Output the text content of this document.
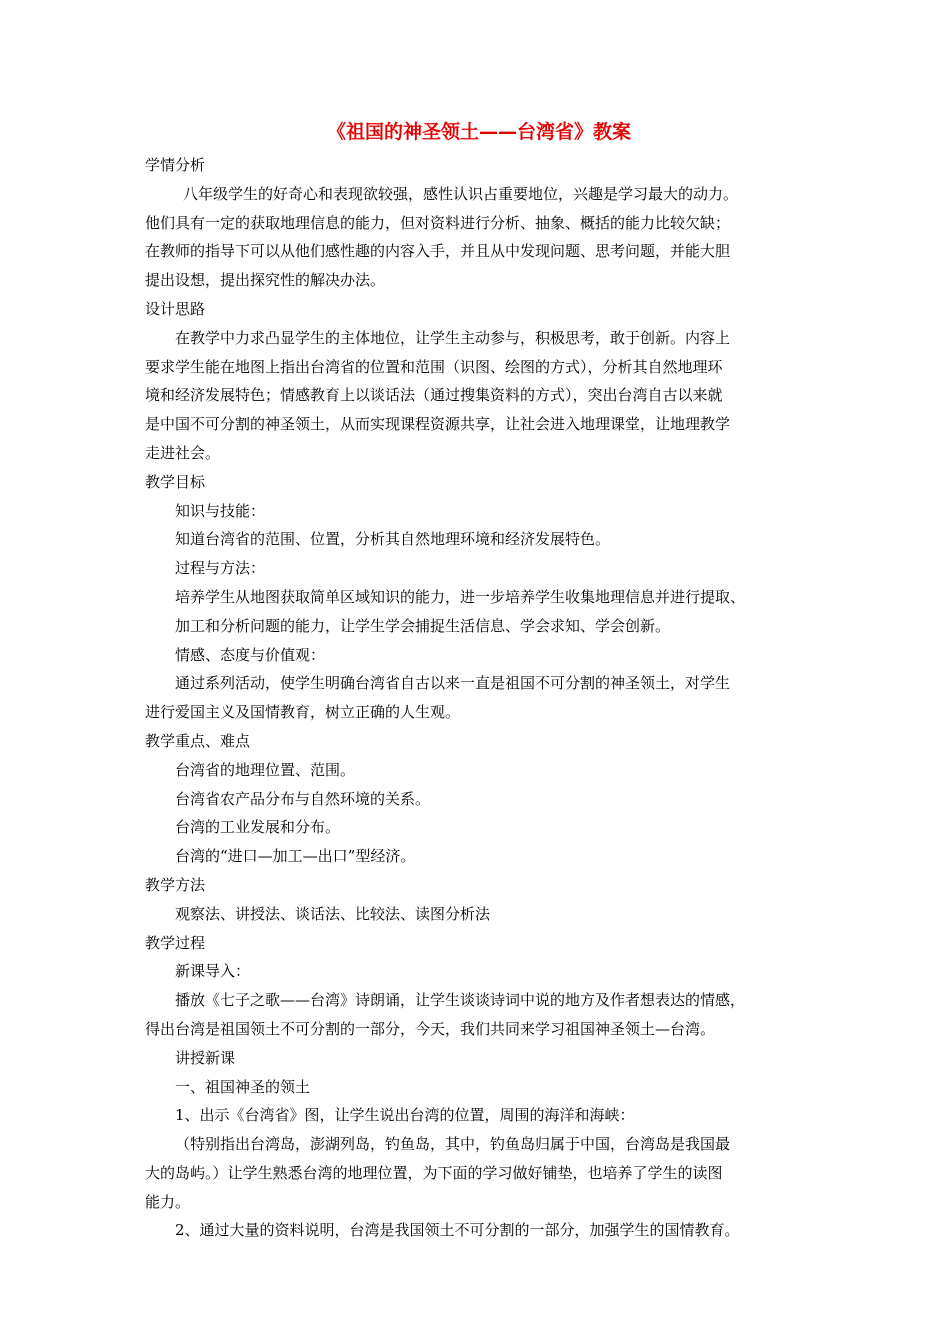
《祖国的神圣领土——台湾省》教案
学情分析
八年级学生的好奇心和表现欲较强，感性认识占重要地位，兴趣是学习最大的动力。
他们具有一定的获取地理信息的能力，但对资料进行分析、抽象、概括的能力比较欠缺；
在教师的指导下可以从他们感性趣的内容入手，并且从中发现问题、思考问题，并能大胆
提出设想，提出探究性的解决办法。
设计思路
在教学中力求凸显学生的主体地位，让学生主动参与，积极思考，敢于创新。内容上
要求学生能在地图上指出台湾省的位置和范围（识图、绘图的方式），分析其自然地理环
境和经济发展特色；情感教育上以谈话法（通过搜集资料的方式），突出台湾自古以来就
是中国不可分割的神圣领土，从而实现课程资源共享，让社会进入地理课堂，让地理教学
走进社会。
教学目标
知识与技能：
知道台湾省的范围、位置，分析其自然地理环境和经济发展特色。
过程与方法：
培养学生从地图获取简单区域知识的能力，进一步培养学生收集地理信息并进行提取、
加工和分析问题的能力，让学生学会捕捉生活信息、学会求知、学会创新。
情感、态度与价值观：
通过系列活动，使学生明确台湾省自古以来一直是祖国不可分割的神圣领土，对学生
进行爱国主义及国情教育，树立正确的人生观。
教学重点、难点
台湾省的地理位置、范围。
台湾省农产品分布与自然环境的关系。
台湾的工业发展和分布。
台湾的“进口—加工—出口”型经济。
教学方法
观察法、讲授法、谈话法、比较法、读图分析法
教学过程
新课导入：
播放《七子之歌——台湾》诗朗诵，让学生谈谈诗词中说的地方及作者想表达的情感，
得出台湾是祖国领土不可分割的一部分，今天，我们共同来学习祖国神圣领土—台湾。
讲授新课
一、祖国神圣的领土
1、出示《台湾省》图，让学生说出台湾的位置，周围的海洋和海峡：
（特别指出台湾岛，澎湖列岛，钓鱼岛，其中，钓鱼岛归属于中国，台湾岛是我国最
大的岛屿。）让学生熟悉台湾的地理位置，为下面的学习做好铺垫，也培养了学生的读图
能力。
2、通过大量的资料说明，台湾是我国领土不可分割的一部分，加强学生的国情教育。
